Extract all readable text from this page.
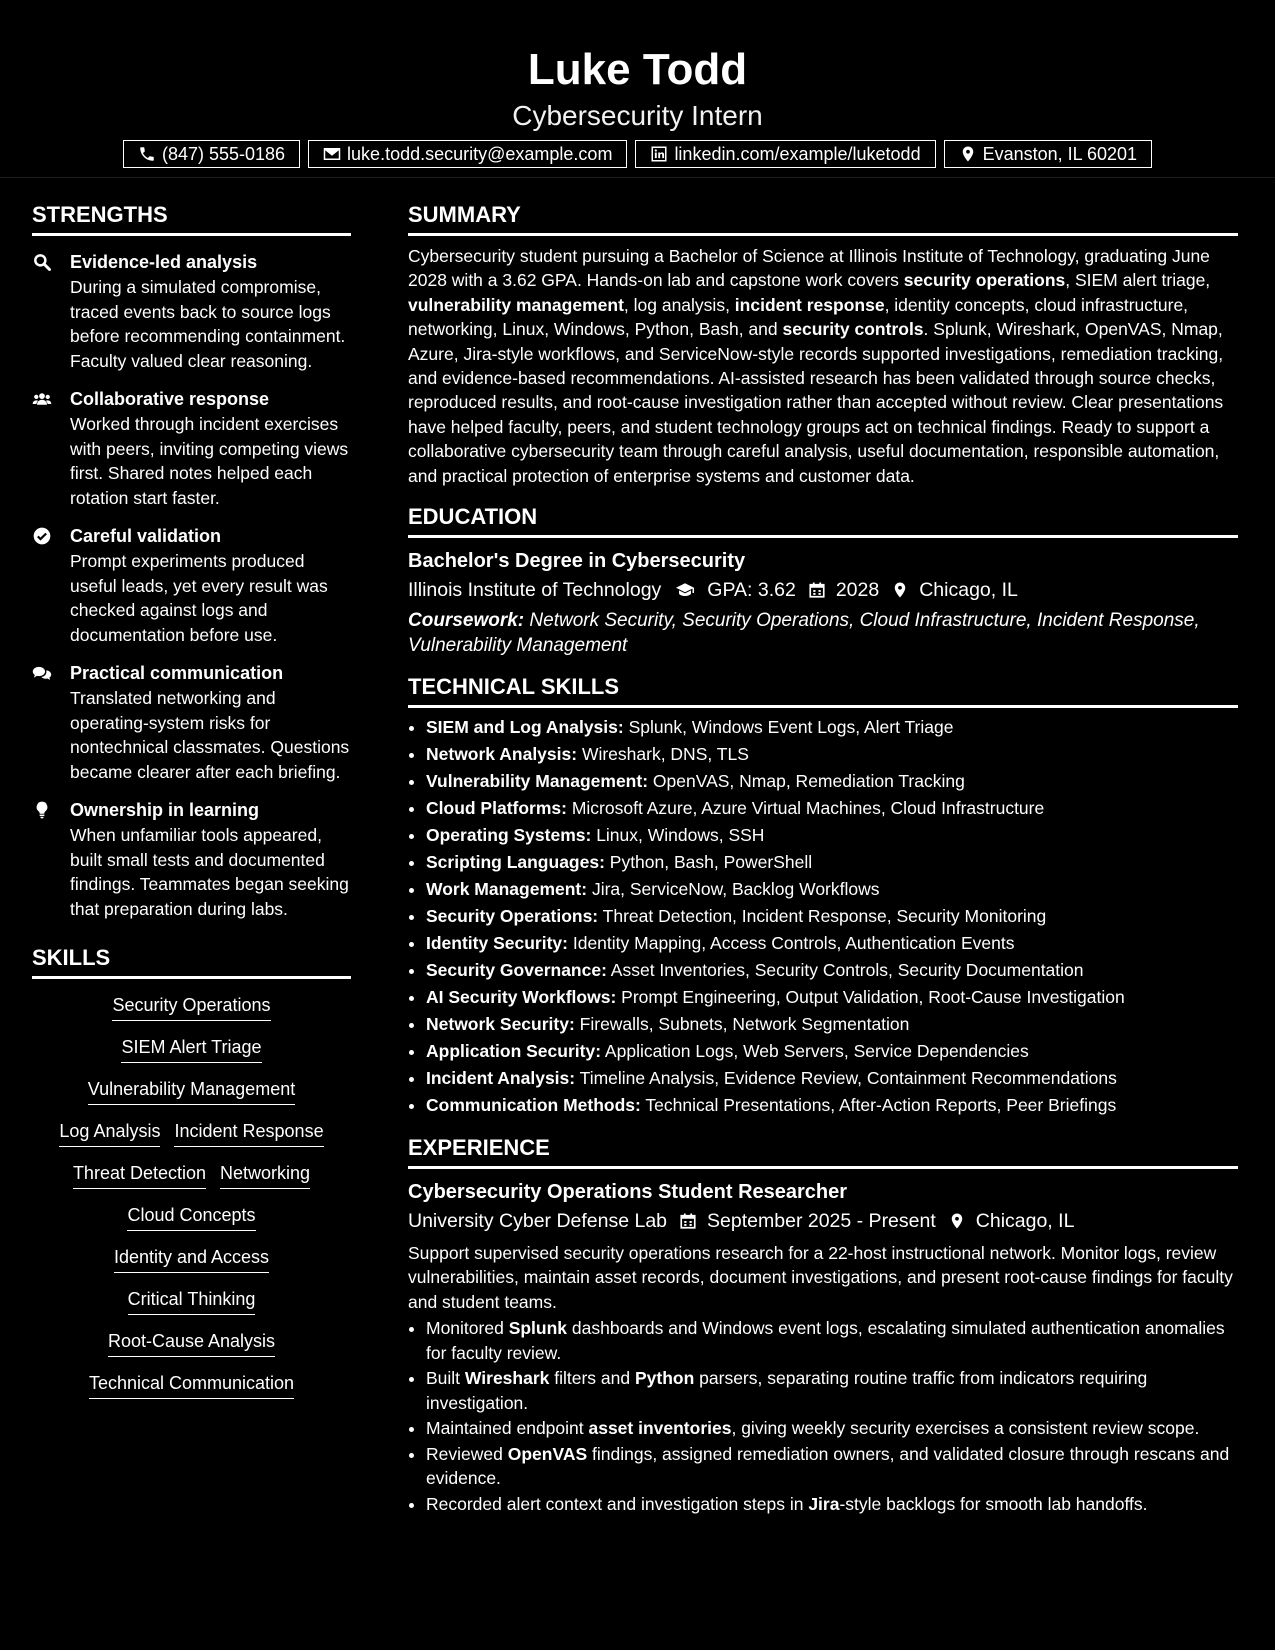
Luke Todd
Cybersecurity Intern
(847) 555-0186	luke.todd.security@example.com	linkedin.com/example/luketodd	Evanston, IL 60201
STRENGTHS
Evidence-led analysis
During a simulated compromise, traced events back to source logs before recommending containment. Faculty valued clear reasoning.
Collaborative response
Worked through incident exercises with peers, inviting competing views first. Shared notes helped each rotation start faster.
Careful validation
Prompt experiments produced useful leads, yet every result was checked against logs and documentation before use.
Practical communication
Translated networking and operating-system risks for nontechnical classmates. Questions became clearer after each briefing.
Ownership in learning
When unfamiliar tools appeared, built small tests and documented findings. Teammates began seeking that preparation during labs.
SKILLS
Security Operations
SIEM Alert Triage
Vulnerability Management
Log Analysis Incident Response
Threat Detection Networking
Cloud Concepts
Identity and Access
Critical Thinking
Root-Cause Analysis
Technical Communication
SUMMARY

Cybersecurity student pursuing a Bachelor of Science at Illinois Institute of Technology, graduating June 2028 with a 3.62 GPA. Hands-on lab and capstone work covers security operations, SIEM alert triage, vulnerability management, log analysis, incident response, identity concepts, cloud infrastructure, networking, Linux, Windows, Python, Bash, and security controls. Splunk, Wireshark, OpenVAS, Nmap, Azure, Jira-style workflows, and ServiceNow-style records supported investigations, remediation tracking, and evidence-based recommendations. AI-assisted research has been validated through source checks, reproduced results, and root-cause investigation rather than accepted without review. Clear presentations have helped faculty, peers, and student technology groups act on technical findings. Ready to support a collaborative cybersecurity team through careful analysis, useful documentation, responsible automation, and practical protection of enterprise systems and customer data.

EDUCATION
Bachelor's Degree in Cybersecurity
Illinois Institute of Technology GPA: 3.62 2028 Chicago, IL
Coursework: Network Security, Security Operations, Cloud Infrastructure, Incident Response, Vulnerability Management
TECHNICAL SKILLS
• SIEM and Log Analysis: Splunk, Windows Event Logs, Alert Triage
• Network Analysis: Wireshark, DNS, TLS
• Vulnerability Management: OpenVAS, Nmap, Remediation Tracking
• Cloud Platforms: Microsoft Azure, Azure Virtual Machines, Cloud Infrastructure
• Operating Systems: Linux, Windows, SSH
• Scripting Languages: Python, Bash, PowerShell
• Work Management: Jira, ServiceNow, Backlog Workflows
• Security Operations: Threat Detection, Incident Response, Security Monitoring
• Identity Security: Identity Mapping, Access Controls, Authentication Events
• Security Governance: Asset Inventories, Security Controls, Security Documentation
• AI Security Workflows: Prompt Engineering, Output Validation, Root-Cause Investigation
• Network Security: Firewalls, Subnets, Network Segmentation
• Application Security: Application Logs, Web Servers, Service Dependencies
• Incident Analysis: Timeline Analysis, Evidence Review, Containment Recommendations
• Communication Methods: Technical Presentations, After-Action Reports, Peer Briefings
EXPERIENCE
Cybersecurity Operations Student Researcher
University Cyber Defense Lab September 2025 - Present Chicago, IL

Support supervised security operations research for a 22-host instructional network. Monitor logs, review vulnerabilities, maintain asset records, document investigations, and present root-cause findings for faculty and student teams.

• Monitored Splunk dashboards and Windows event logs, escalating simulated authentication anomalies for faculty review.
• Built Wireshark filters and Python parsers, separating routine traffic from indicators requiring investigation.
• Maintained endpoint asset inventories, giving weekly security exercises a consistent review scope.
• Reviewed OpenVAS findings, assigned remediation owners, and validated closure through rescans and evidence.
• Recorded alert context and investigation steps in Jira-style backlogs for smooth lab handoffs.
